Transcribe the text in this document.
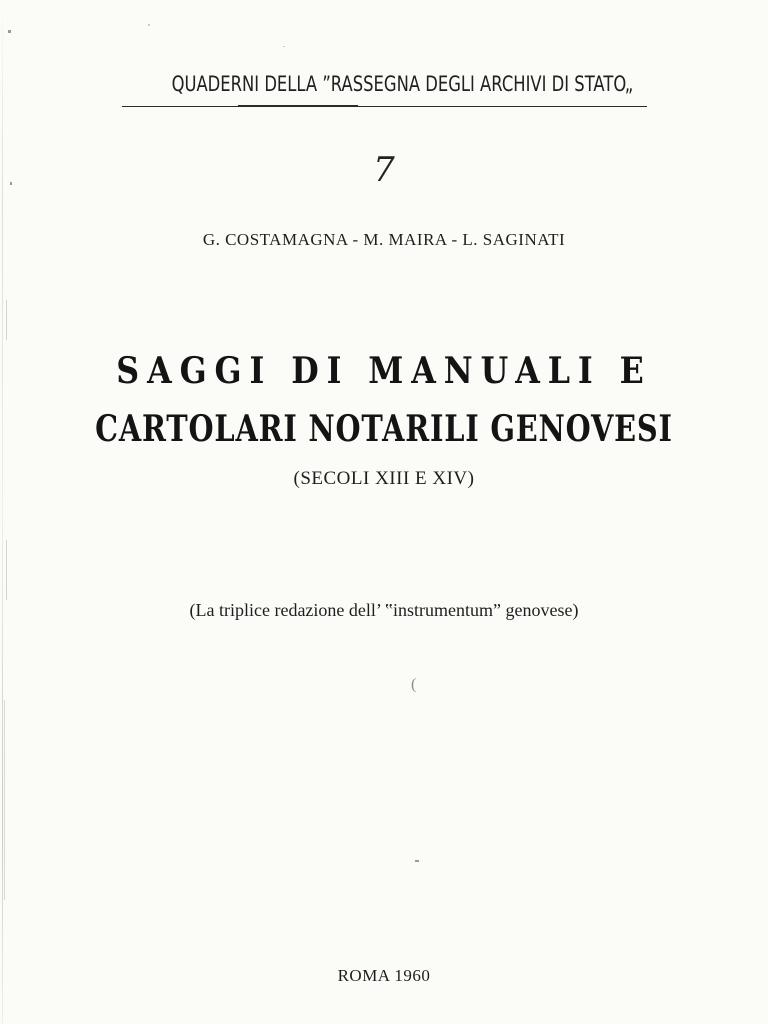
QUADERNI DELLA ”RASSEGNA DEGLI ARCHIVI DI STATO„
7
G. COSTAMAGNA - M. MAIRA - L. SAGINATI
SAGGI DI MANUALI E
CARTOLARI NOTARILI GENOVESI
(SECOLI XIII E XIV)
(La triplice redazione dell’ ‟instrumentum” genovese)
(
ROMA 1960
